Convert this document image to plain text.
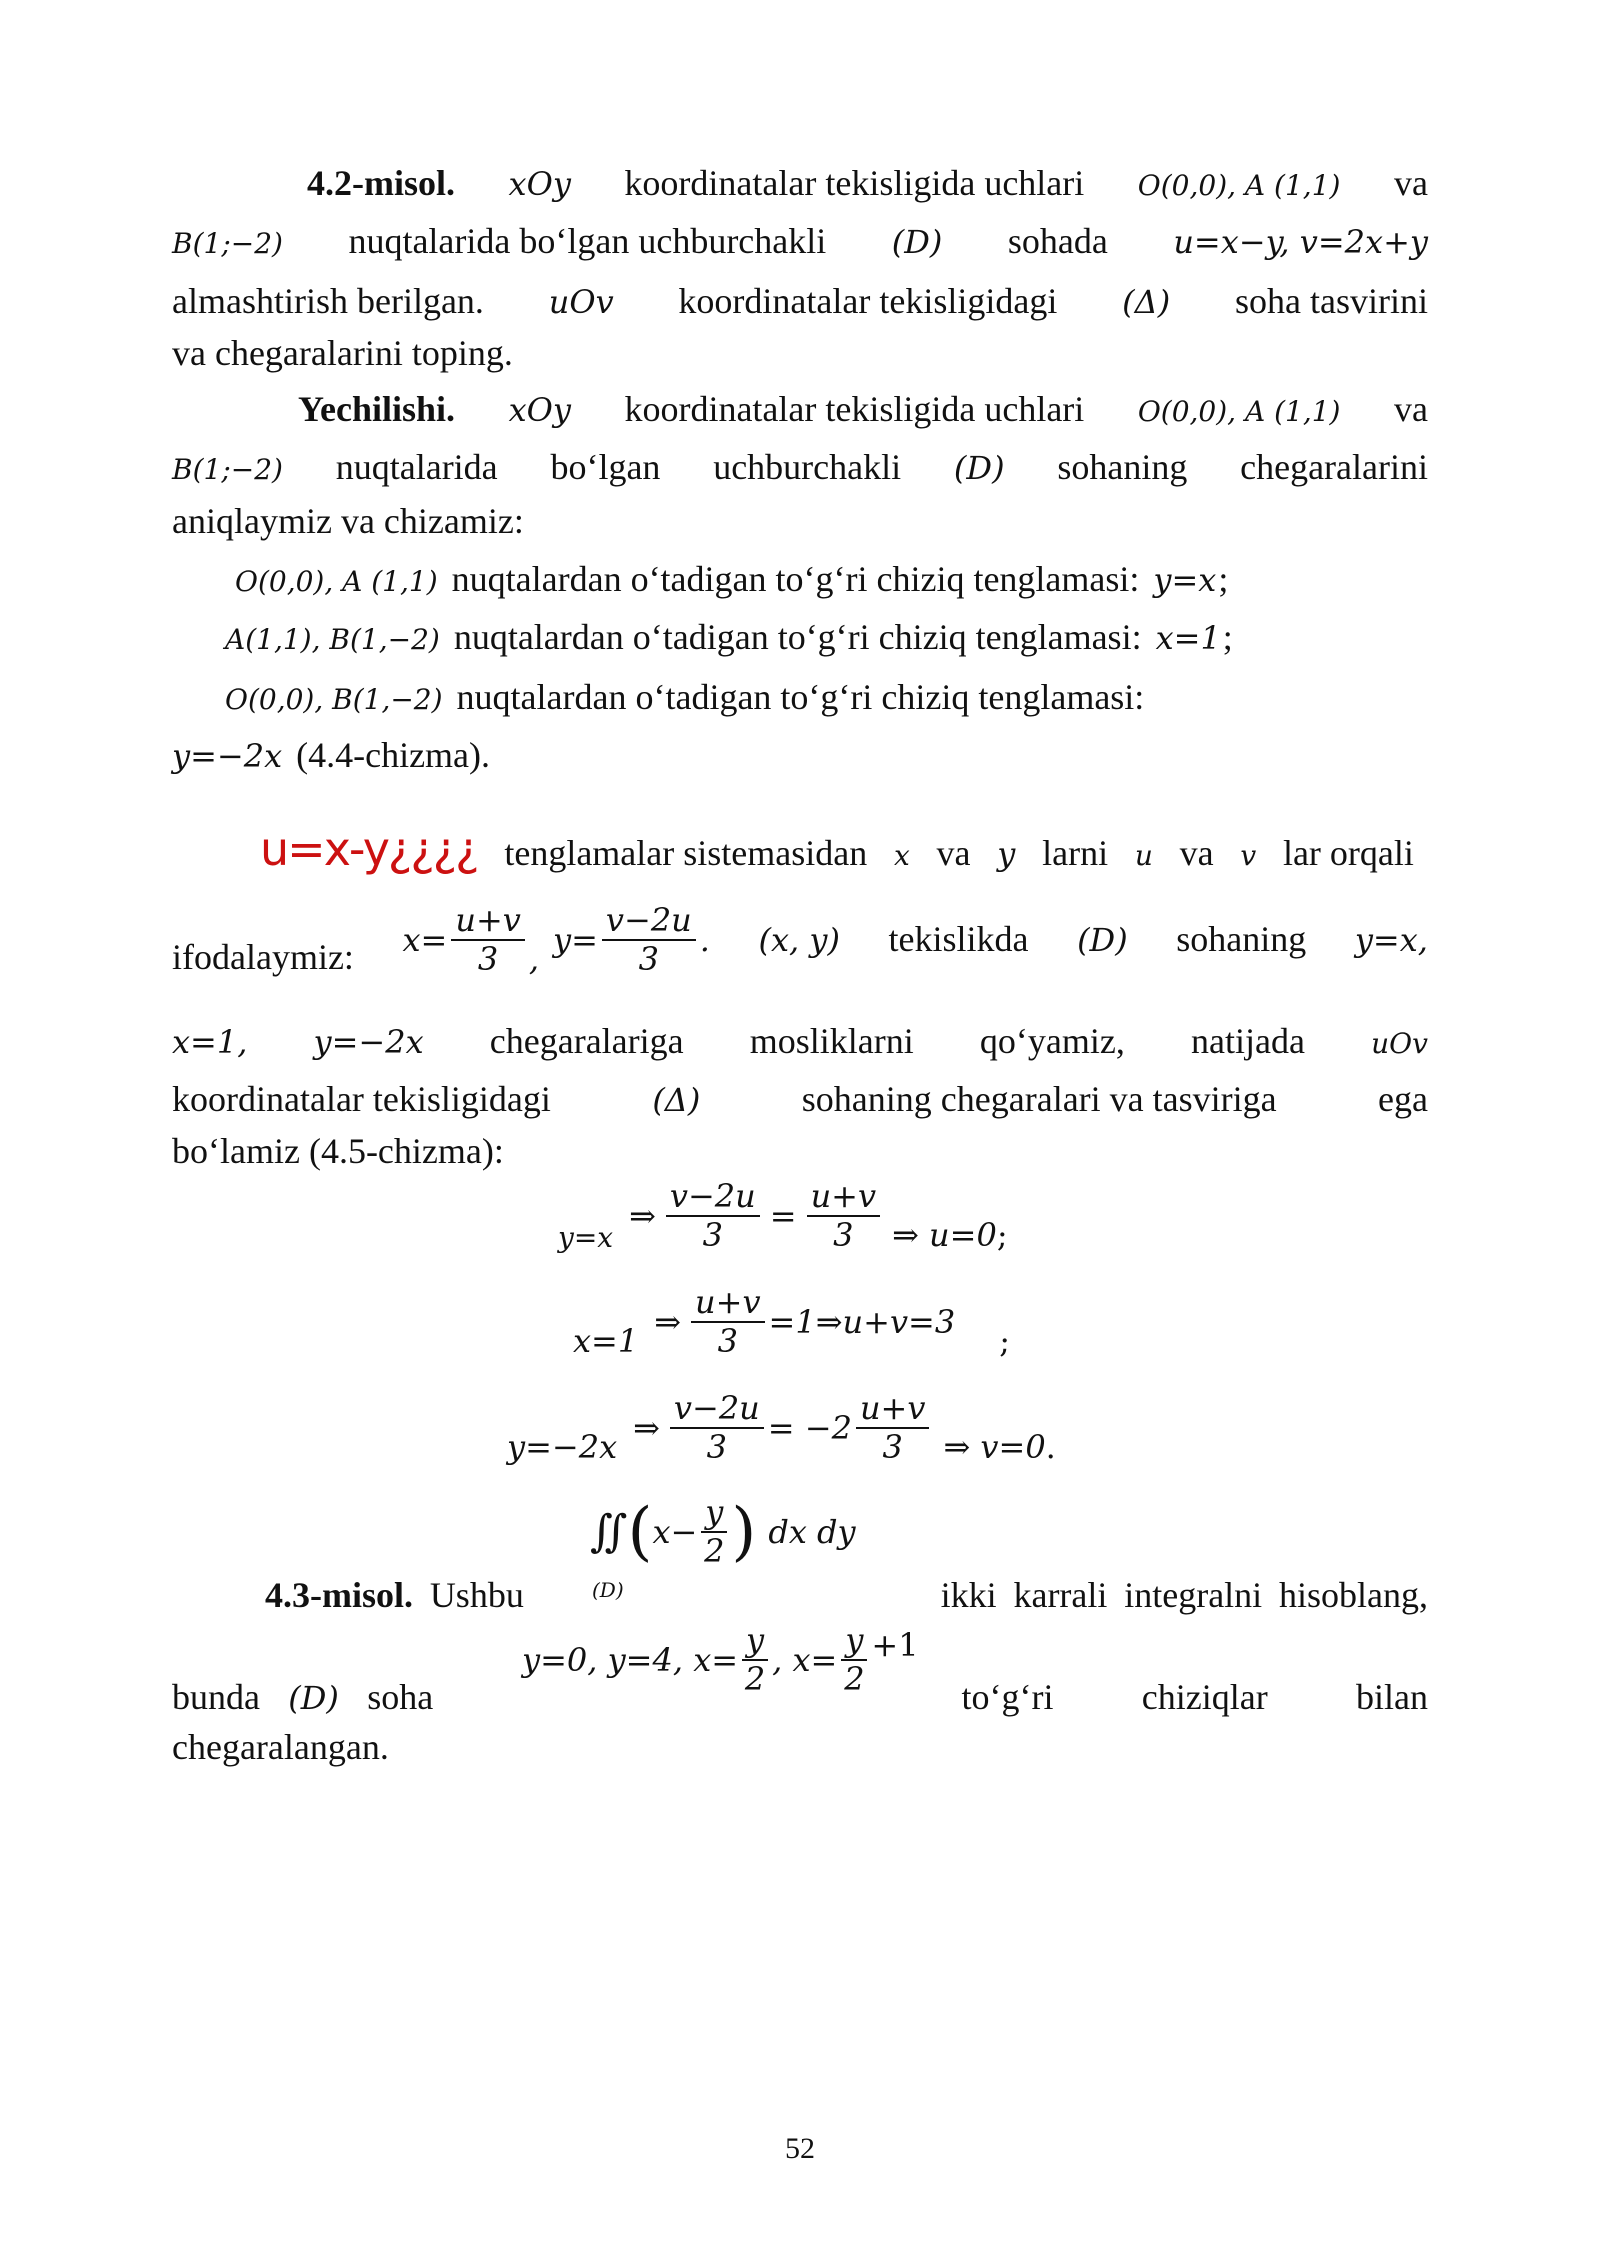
4.2-misol. xOy koordinatalar tekisligida uchlari O(0,0), A (1,1) va
B(1;−2) nuqtalarida bo‘lgan uchburchakli (D) sohada u=x−y, v=2x+y
almashtirish berilgan. uOv koordinatalar tekisligidagi (Δ) soha tasvirini
va chegaralarini toping.
Yechilishi. xOy koordinatalar tekisligida uchlari O(0,0), A (1,1) va
B(1;−2) nuqtalarida bo‘lgan uchburchakli (D) sohaning chegaralarini
aniqlaymiz va chizamiz:
O(0,0), A (1,1) nuqtalardan o‘tadigan to‘g‘ri chiziq tenglamasi: y=x ;
A(1,1), B(1,−2) nuqtalardan o‘tadigan to‘g‘ri chiziq tenglamasi: x=1 ;
O(0,0), B(1,−2) nuqtalardan o‘tadigan to‘g‘ri chiziq tenglamasi:
y=−2x (4.4-chizma).
u=x-y¿¿¿¿ tenglamalar sistemasidan x va y larni u va v lar orqali
ifodalaymiz: $x= \frac{u+v}{3}$ , $y= \frac{v-2u}{3}$ . (x, y) tekislikda (D) sohaning y=x,
x=1, y=−2x chegaralariga mosliklarni qo‘yamiz, natijada uOv
koordinatalar tekisligidagi	(Δ)	sohaning chegaralari va tasviriga	ega
bo‘lamiz (4.5-chizma):
y=x
⇒ $\frac{v-2u}{3} = \frac{u+v}{3}$ ⇒ u=0 ;
x=1 ⇒ $\frac{u+v}{3}$ =1⇒u+v=3 ;
y=−2x ⇒ $\frac{v-2u}{3} = -2 \frac{u+v}{3}$ ⇒ v=0 .
∬ ( $x- \frac{y}{2}$ ) dx dy
(D)
4.3-misol. Ushbu	ikki karrali integralni hisoblang,
y=0, y=4, $x= \frac{y}{2}$ , $x= \frac{y}{2} +1$
bunda (D) soha	to‘g‘ri chiziqlar bilan
chegaralangan.
52
